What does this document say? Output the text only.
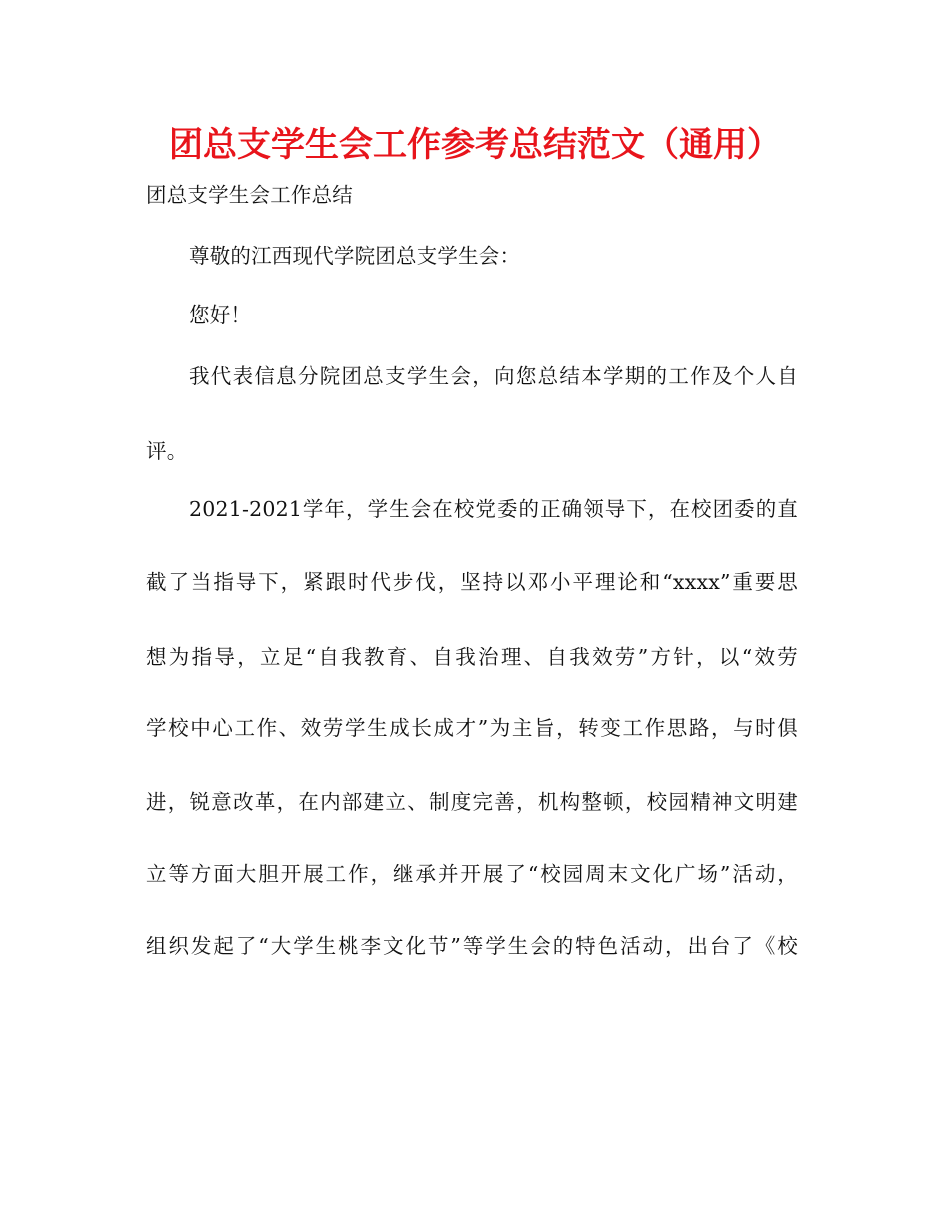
团总支学生会工作参考总结范文（通用）
团总支学生会工作总结
尊敬的江西现代学院团总支学生会：
您好！
我代表信息分院团总支学生会，向您总结本学期的工作及个人自
评。
2021-2021学年，学生会在校党委的正确领导下，在校团委的直
截了当指导下，紧跟时代步伐，坚持以邓小平理论和“xxxx”重要思
想为指导，立足“自我教育、自我治理、自我效劳”方针，以“效劳
学校中心工作、效劳学生成长成才”为主旨，转变工作思路，与时俱
进，锐意改革，在内部建立、制度完善，机构整顿，校园精神文明建
立等方面大胆开展工作，继承并开展了“校园周末文化广场”活动，
组织发起了“大学生桃李文化节”等学生会的特色活动，出台了《校
